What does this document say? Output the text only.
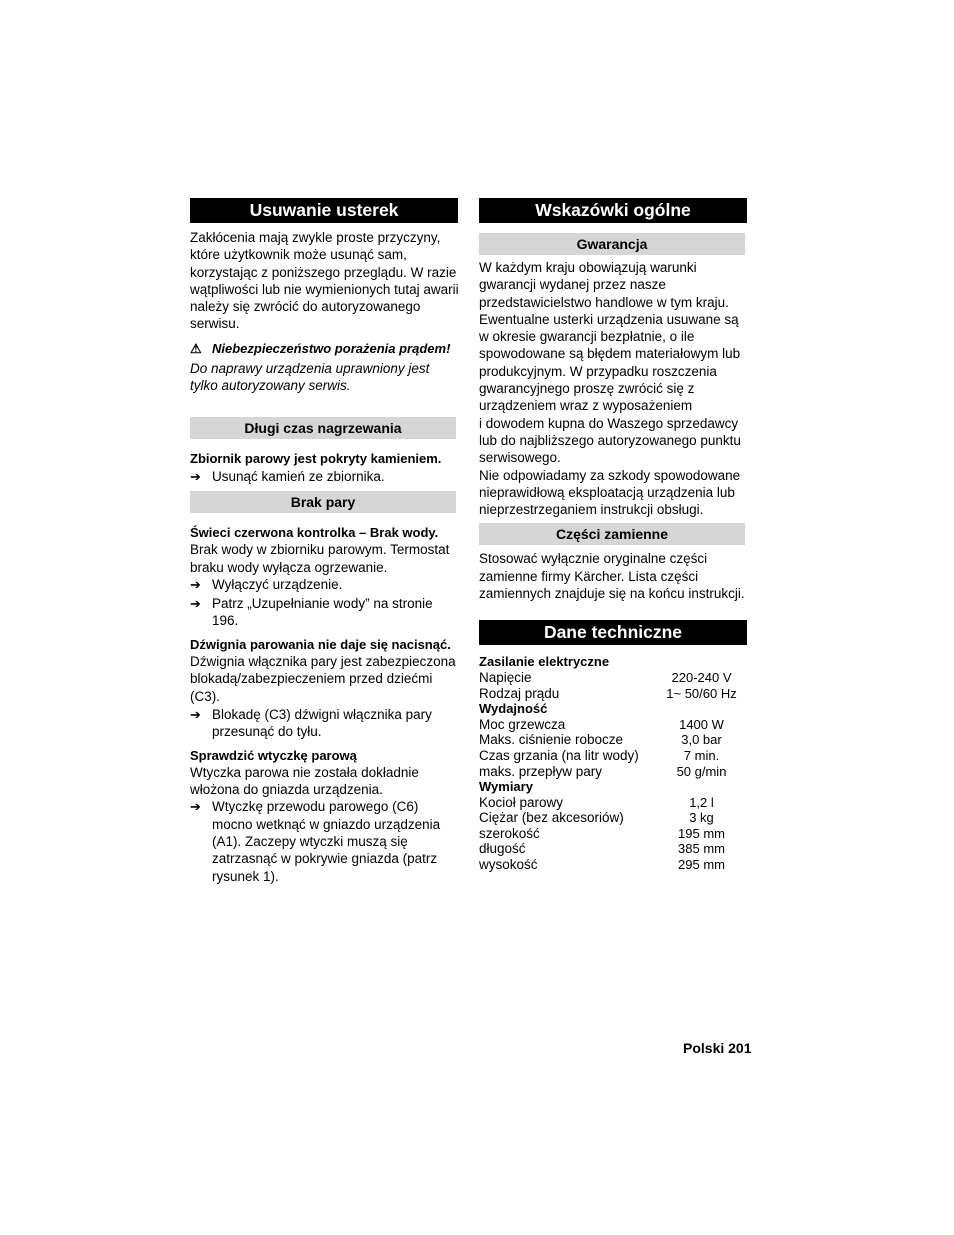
Usuwanie usterek

Zakłócenia mają zwykle proste przyczyny, które użytkownik może usunąć sam, korzystając z poniższego przeglądu. W razie wątpliwości lub nie wymienionych tutaj awarii należy się zwrócić do autoryzowanego serwisu.

⚠ Niebezpieczeństwo porażenia prądem!

Do naprawy urządzenia uprawniony jest tylko autoryzowany serwis.

Długi czas nagrzewania

Zbiornik parowy jest pokryty kamieniem.

➔ Usunąć kamień ze zbiornika.
Brak pary

Świeci czerwona kontrolka – Brak wody.

Brak wody w zbiorniku parowym. Termostat braku wody wyłącza ogrzewanie.

➔ Wyłączyć urządzenie.
➔ Patrz „Uzupełnianie wody” na stronie 196.

Dźwignia parowania nie daje się nacisnąć.

Dźwignia włącznika pary jest zabezpieczona blokadą/zabezpieczeniem przed dziećmi (C3).

➔ Blokadę (C3) dźwigni włącznika pary przesunąć do tyłu.

Sprawdzić wtyczkę parową

Wtyczka parowa nie została dokładnie włożona do gniazda urządzenia.

➔ Wtyczkę przewodu parowego (C6) mocno wetknąć w gniazdo urządzenia (A1). Zaczepy wtyczki muszą się zatrzasnąć w pokrywie gniazda (patrz rysunek 1).
Wskazówki ogólne
Gwarancja

W każdym kraju obowiązują warunki gwarancji wydanej przez nasze przedstawicielstwo handlowe w tym kraju. Ewentualne usterki urządzenia usuwane są w okresie gwarancji bezpłatnie, o ile spowodowane są błędem materiałowym lub produkcyjnym. W przypadku roszczenia gwarancyjnego proszę zwrócić się z urządzeniem wraz z wyposażeniem

i dowodem kupna do Waszego sprzedawcy lub do najbliższego autoryzowanego punktu serwisowego.

Nie odpowiadamy za szkody spowodowane nieprawidłową eksploatacją urządzenia lub nieprzestrzeganiem instrukcji obsługi.

Części zamienne

Stosować wyłącznie oryginalne części zamienne firmy Kärcher. Lista części zamiennych znajduje się na końcu instrukcji.

Dane techniczne
Zasilanie elektryczne
Napięcie	220-240 V
Rodzaj prądu	1~ 50/60 Hz
Wydajność
Moc grzewcza	1400 W
Maks. ciśnienie robocze	3,0 bar
Czas grzania (na litr wody)	7 min.
maks. przepływ pary	50 g/min
Wymiary
Kocioł parowy	1,2 l
Ciężar (bez akcesoriów)	3 kg
szerokość	195 mm
długość	385 mm
wysokość	295 mm
Polski 201
